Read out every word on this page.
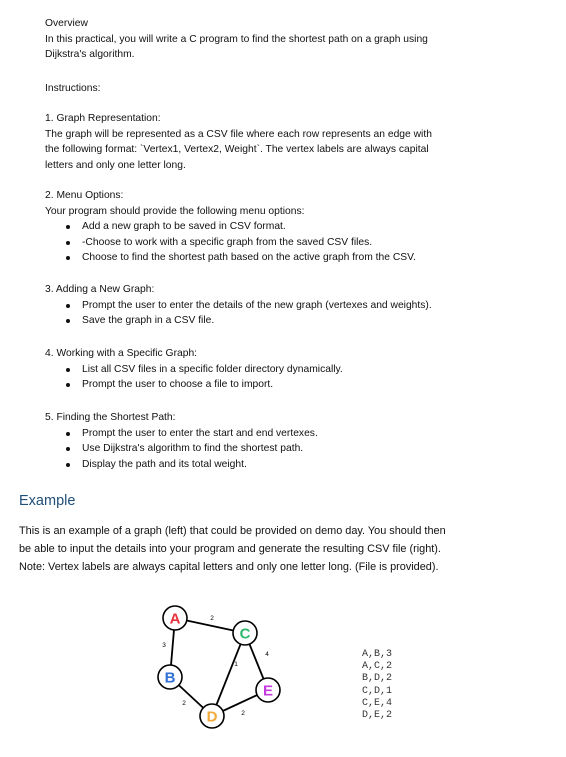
Overview
In this practical, you will write a C program to find the shortest path on a graph using
Dijkstra's algorithm.
Instructions:
1. Graph Representation:
The graph will be represented as a CSV file where each row represents an edge with
the following format: `Vertex1, Vertex2, Weight`. The vertex labels are always capital
letters and only one letter long.
2. Menu Options:
Your program should provide the following menu options:
Add a new graph to be saved in CSV format.
-Choose to work with a specific graph from the saved CSV files.
Choose to find the shortest path based on the active graph from the CSV.
3. Adding a New Graph:
Prompt the user to enter the details of the new graph (vertexes and weights).
Save the graph in a CSV file.
4. Working with a Specific Graph:
List all CSV files in a specific folder directory dynamically.
Prompt the user to choose a file to import.
5. Finding the Shortest Path:
Prompt the user to enter the start and end vertexes.
Use Dijkstra's algorithm to find the shortest path.
Display the path and its total weight.
Example
This is an example of a graph (left) that could be provided on demo day. You should then
be able to input the details into your program and generate the resulting CSV file (right).
Note: Vertex labels are always capital letters and only one letter long. (File is provided).
3
2
2
1
4
2
A
B
C
D
E
A,B,3
A,C,2
B,D,2
C,D,1
C,E,4
D,E,2
